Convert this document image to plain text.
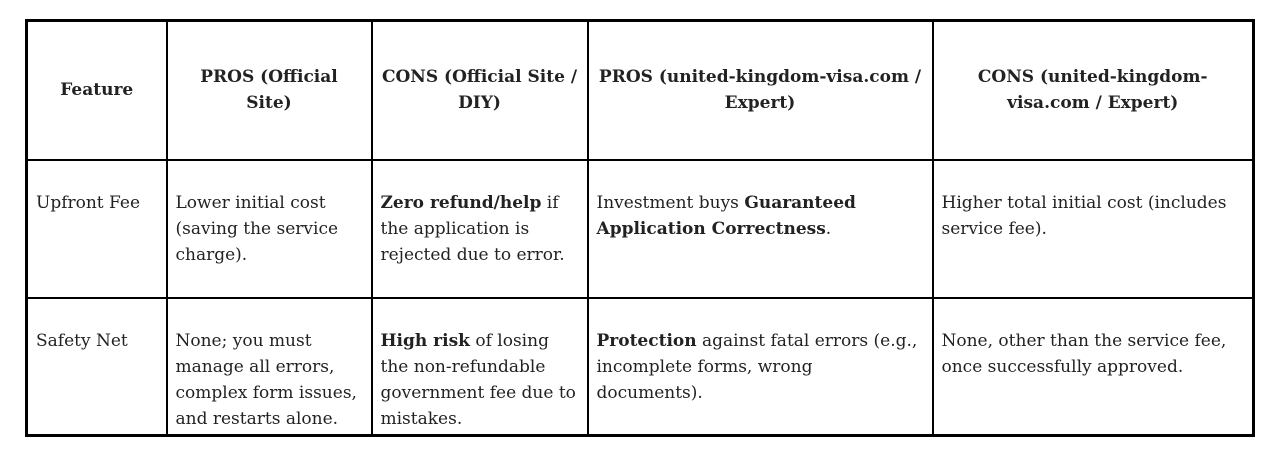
Feature	PROS (Official Site)	CONS (Official Site / DIY)	PROS (united-kingdom-visa.com / Expert)	CONS (united-kingdom-visa.com / Expert)
Upfront Fee	Lower initial cost (saving the service charge).	Zero refund/help if the application is rejected due to error.	Investment buys Guaranteed Application Correctness.	Higher total initial cost (includes service fee).
Safety Net	None; you must manage all errors, complex form issues, and restarts alone.	High risk of losing the non-refundable government fee due to mistakes.	Protection against fatal errors (e.g., incomplete forms, wrong documents).	None, other than the service fee, once successfully approved.
